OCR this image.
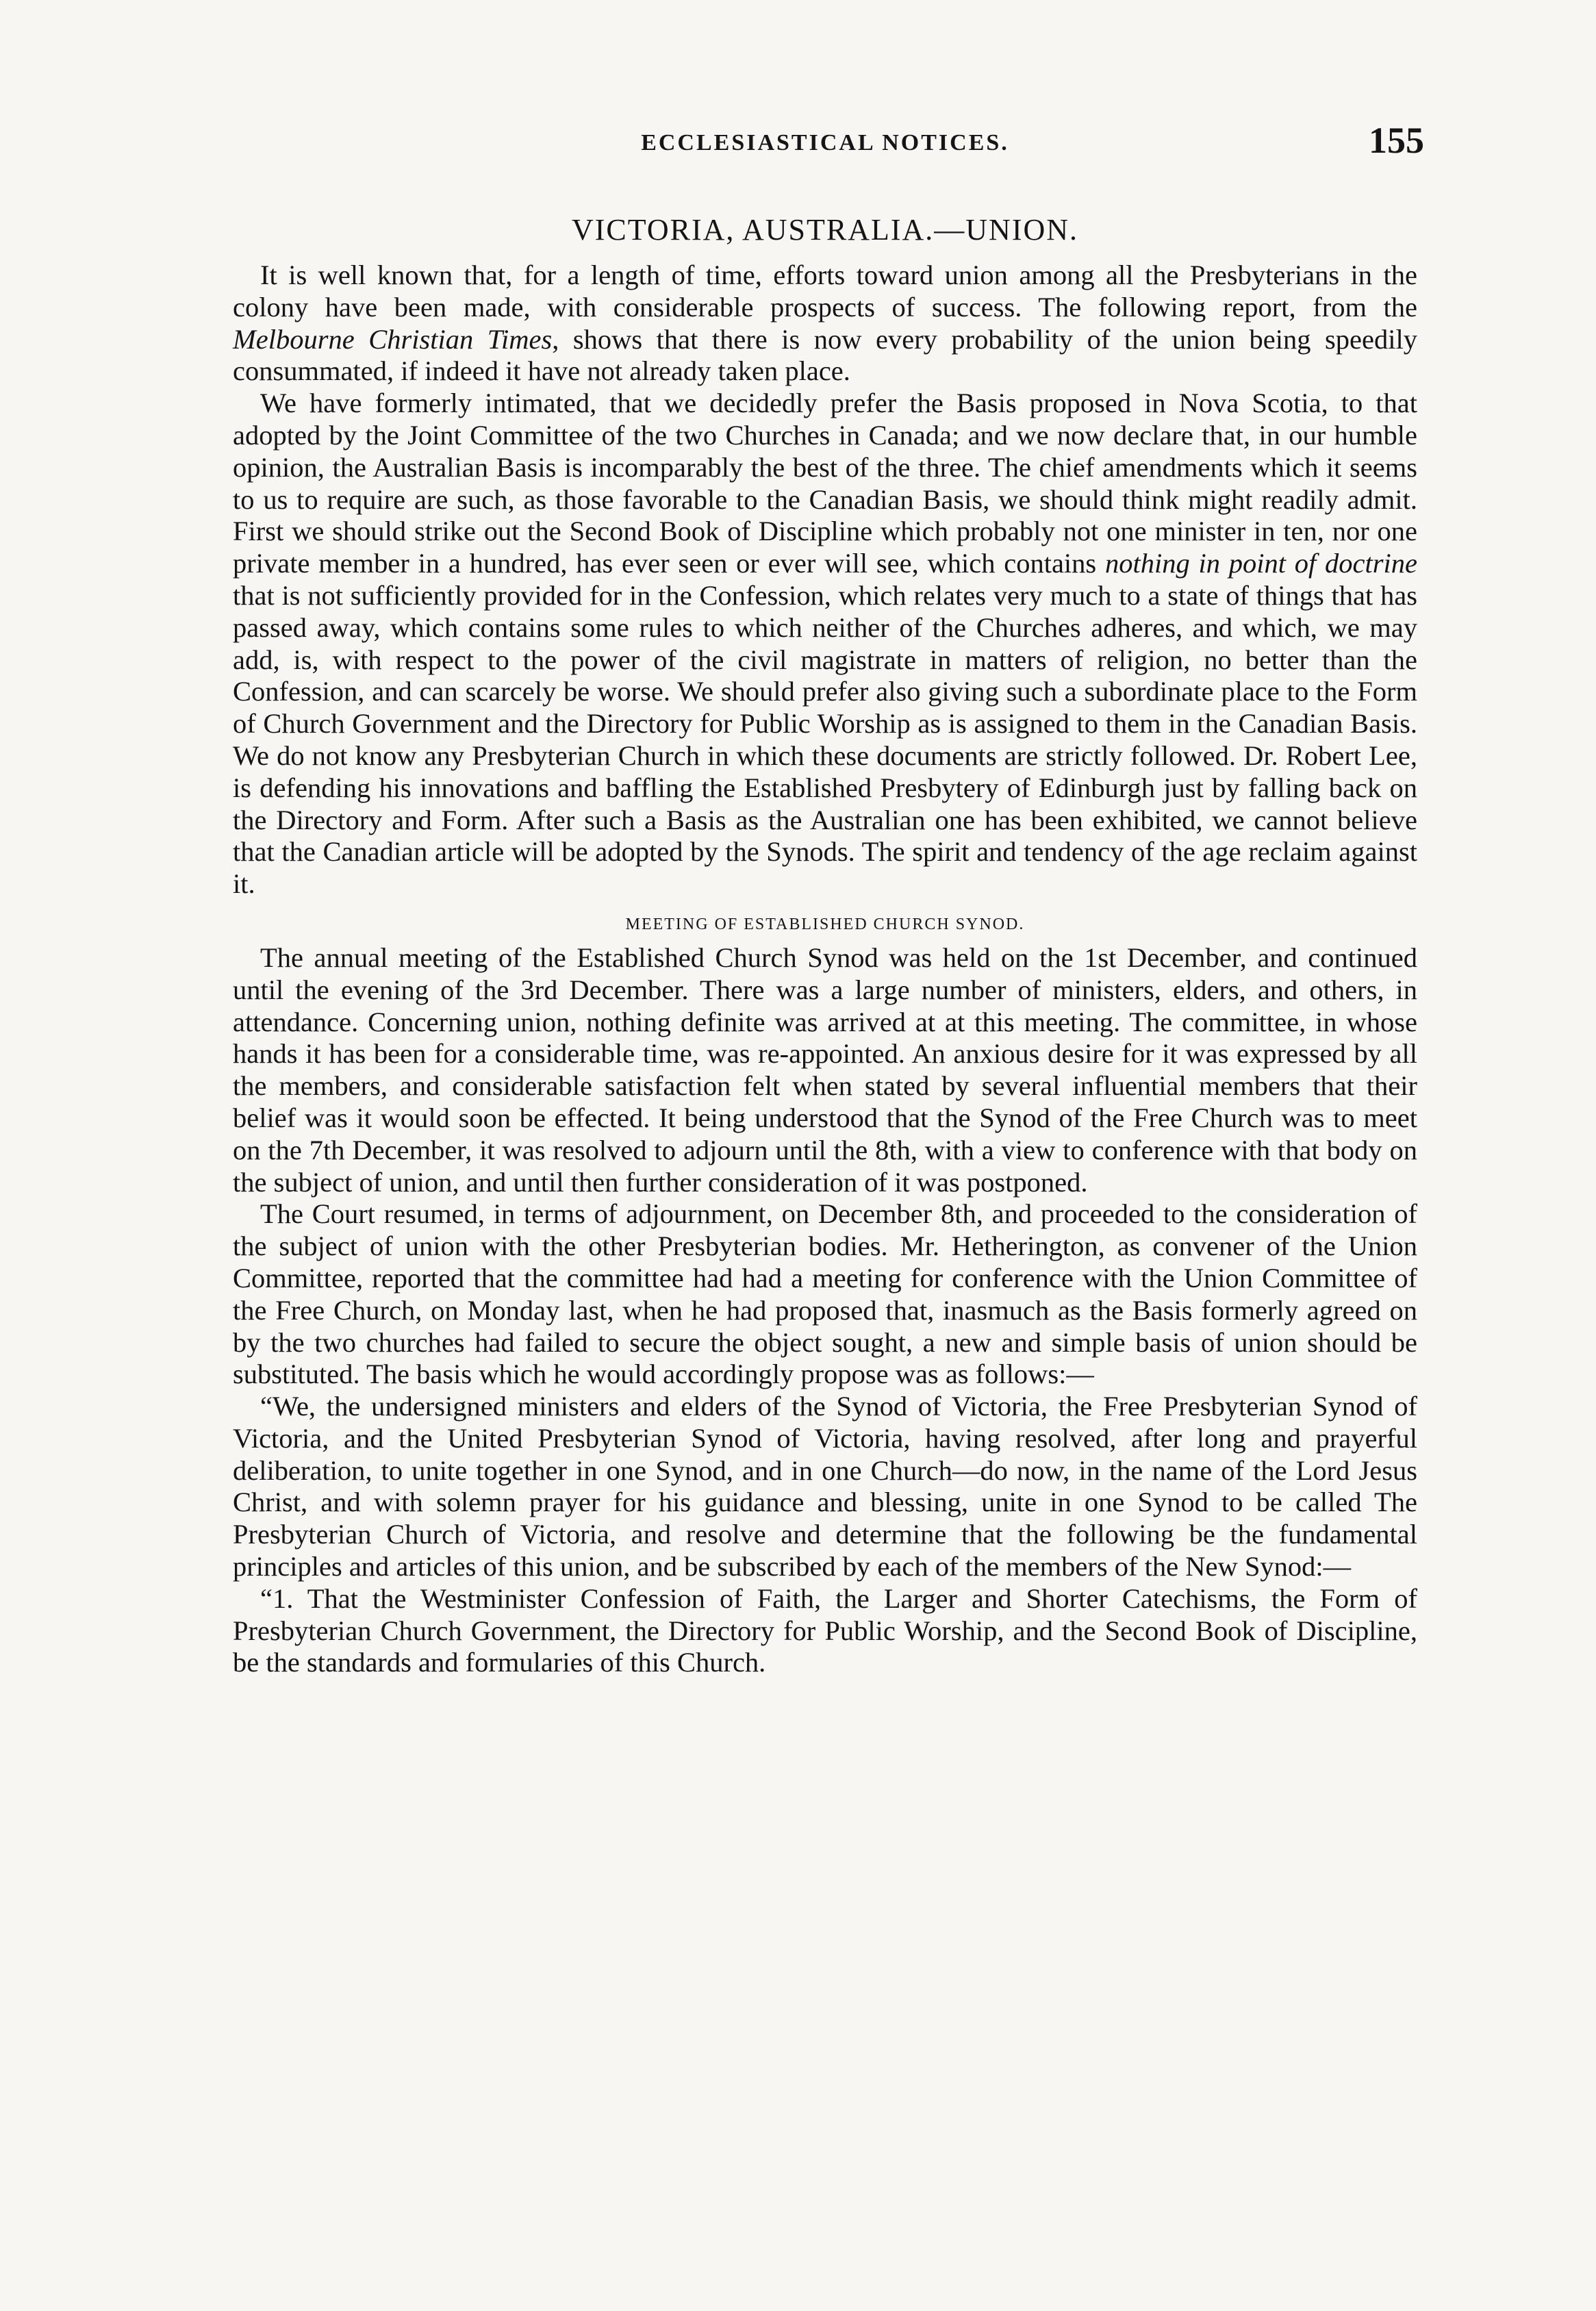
ECCLESIASTICAL NOTICES.	155
VICTORIA, AUSTRALIA.—UNION.

It is well known that, for a length of time, efforts toward union among all the Presbyterians in the colony have been made, with considerable prospects of success. The following report, from the Melbourne Christian Times, shows that there is now every probability of the union being speedily consummated, if indeed it have not already taken place.

We have formerly intimated, that we decidedly prefer the Basis proposed in Nova Scotia, to that adopted by the Joint Committee of the two Churches in Canada; and we now declare that, in our humble opinion, the Australian Basis is incomparably the best of the three. The chief amendments which it seems to us to require are such, as those favorable to the Canadian Basis, we should think might readily admit. First we should strike out the Second Book of Discipline which probably not one minister in ten, nor one private member in a hundred, has ever seen or ever will see, which contains nothing in point of doctrine that is not sufficiently provided for in the Confession, which relates very much to a state of things that has passed away, which contains some rules to which neither of the Churches adheres, and which, we may add, is, with respect to the power of the civil magistrate in matters of religion, no better than the Confession, and can scarcely be worse. We should prefer also giving such a subordinate place to the Form of Church Government and the Directory for Public Worship as is assigned to them in the Canadian Basis. We do not know any Presbyterian Church in which these documents are strictly followed. Dr. Robert Lee, is defending his innovations and baffling the Established Presbytery of Edinburgh just by falling back on the Directory and Form. After such a Basis as the Australian one has been exhibited, we cannot believe that the Canadian article will be adopted by the Synods. The spirit and tendency of the age reclaim against it.

MEETING OF ESTABLISHED CHURCH SYNOD.

The annual meeting of the Established Church Synod was held on the 1st December, and continued until the evening of the 3rd December. There was a large number of ministers, elders, and others, in attendance. Concerning union, nothing definite was arrived at at this meeting. The committee, in whose hands it has been for a considerable time, was re-appointed. An anxious desire for it was expressed by all the members, and considerable satisfaction felt when stated by several influential members that their belief was it would soon be effected. It being understood that the Synod of the Free Church was to meet on the 7th December, it was resolved to adjourn until the 8th, with a view to conference with that body on the subject of union, and until then further consideration of it was postponed.

The Court resumed, in terms of adjournment, on December 8th, and proceeded to the consideration of the subject of union with the other Presbyterian bodies. Mr. Hetherington, as convener of the Union Committee, reported that the committee had had a meeting for conference with the Union Committee of the Free Church, on Monday last, when he had proposed that, inasmuch as the Basis formerly agreed on by the two churches had failed to secure the object sought, a new and simple basis of union should be substituted. The basis which he would accordingly propose was as follows:—

“We, the undersigned ministers and elders of the Synod of Victoria, the Free Presbyterian Synod of Victoria, and the United Presbyterian Synod of Victoria, having resolved, after long and prayerful deliberation, to unite together in one Synod, and in one Church—do now, in the name of the Lord Jesus Christ, and with solemn prayer for his guidance and blessing, unite in one Synod to be called The Presbyterian Church of Victoria, and resolve and determine that the following be the fundamental principles and articles of this union, and be subscribed by each of the members of the New Synod:—

“1. That the Westminister Confession of Faith, the Larger and Shorter Catechisms, the Form of Presbyterian Church Government, the Directory for Public Worship, and the Second Book of Discipline, be the standards and formularies of this Church.
